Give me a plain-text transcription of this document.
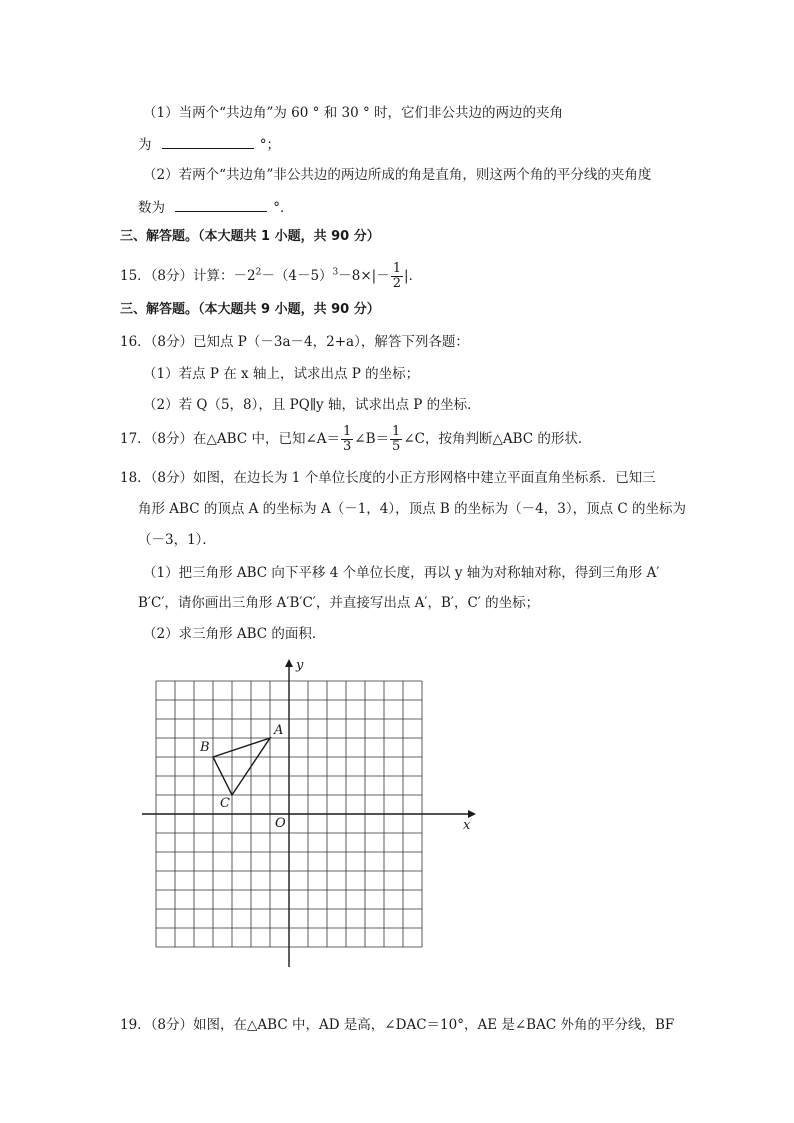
（1）当两个“共边角”为 60 ° 和 30 ° 时，它们非公共边的两边的夹角
为	°；
（2）若两个“共边角”非公共边的两边所成的角是直角，则这两个角的平分线的夹角度
数为	°．
三、解答题。（本大题共 1 小题，共 90 分）
15．（8分）计算：$-2^2-(4-5)^3-8\times|- \frac{1}{2}$ |．
三、解答题。（本大题共 9 小题，共 90 分）
16．（8分）已知点 P（－3a－4，2+a），解答下列各题：
（1）若点 P 在 x 轴上，试求出点 P 的坐标；
（2）若 Q（5，8），且 PQ∥y 轴，试求出点 P 的坐标．
17．（8分）在△ABC 中，已知∠A＝ $\frac{1}{3}$ ∠B＝ $\frac{1}{5}$ ∠C，按角判断△ABC 的形状．
18．（8分）如图，在边长为 1 个单位长度的小正方形网格中建立平面直角坐标系．已知三
角形 ABC 的顶点 A 的坐标为 A（－1，4），顶点 B 的坐标为（－4，3），顶点 C 的坐标为
（－3，1）．
（1）把三角形 ABC 向下平移 4 个单位长度，再以 y 轴为对称轴对称，得到三角形 A′
B′C′，请你画出三角形 A′B′C′，并直接写出点 A′，B′，C′ 的坐标；
（2）求三角形 ABC 的面积．
x
y
O
A
B
C
19．（8分）如图，在△ABC 中，AD 是高，∠DAC＝10°，AE 是∠BAC 外角的平分线，BF
